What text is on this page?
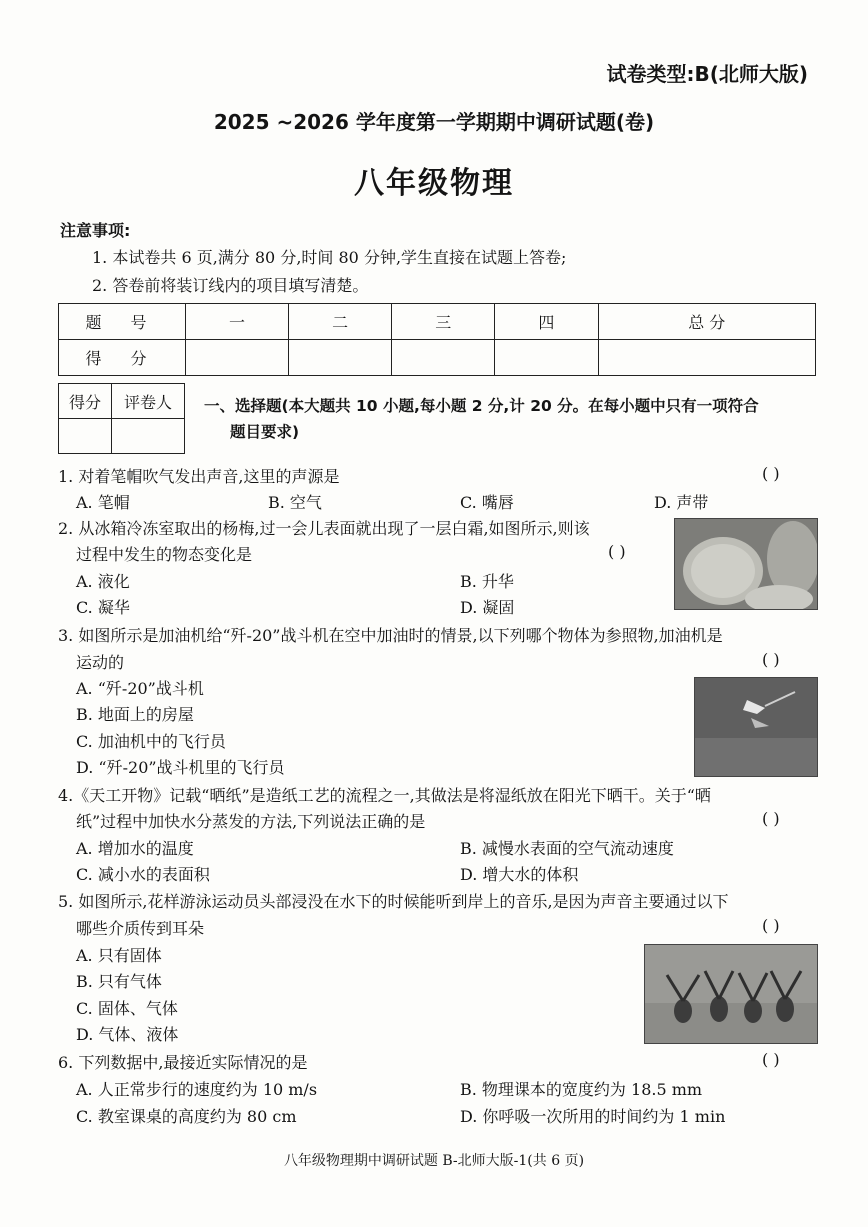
试卷类型:B(北师大版)
2025 ~2026 学年度第一学期期中调研试题(卷)
八年级物理
注意事项:
1. 本试卷共 6 页,满分 80 分,时间 80 分钟,学生直接在试题上答卷;
2. 答卷前将装订线内的项目填写清楚。
题 号	一	二	三	四	总 分
得 分					
得分	评卷人
	一、选择题(本大题共 10 小题,每小题 2 分,计 20 分。在每小题中只有一项符合
题目要求)
1. 对着笔帽吹气发出声音,这里的声源是	( )
A. 笔帽	B. 空气	C. 嘴唇	D. 声带
2. 从冰箱冷冻室取出的杨梅,过一会儿表面就出现了一层白霜,如图所示,则该
过程中发生的物态变化是	( )
A. 液化	B. 升华
C. 凝华	D. 凝固
3. 如图所示是加油机给“歼-20”战斗机在空中加油时的情景,以下列哪个物体为参照物,加油机是
运动的	( )
A. “歼-20”战斗机
B. 地面上的房屋
C. 加油机中的飞行员
D. “歼-20”战斗机里的飞行员
4.《天工开物》记载“晒纸”是造纸工艺的流程之一,其做法是将湿纸放在阳光下晒干。关于“晒
纸”过程中加快水分蒸发的方法,下列说法正确的是	( )
A. 增加水的温度	B. 减慢水表面的空气流动速度
C. 减小水的表面积	D. 增大水的体积
5. 如图所示,花样游泳运动员头部浸没在水下的时候能听到岸上的音乐,是因为声音主要通过以下
哪些介质传到耳朵	( )
A. 只有固体
B. 只有气体
C. 固体、气体
D. 气体、液体
6. 下列数据中,最接近实际情况的是	( )
A. 人正常步行的速度约为 10 m/s	B. 物理课本的宽度约为 18.5 mm
C. 教室课桌的高度约为 80 cm	D. 你呼吸一次所用的时间约为 1 min
八年级物理期中调研试题 B-北师大版-1(共 6 页)
